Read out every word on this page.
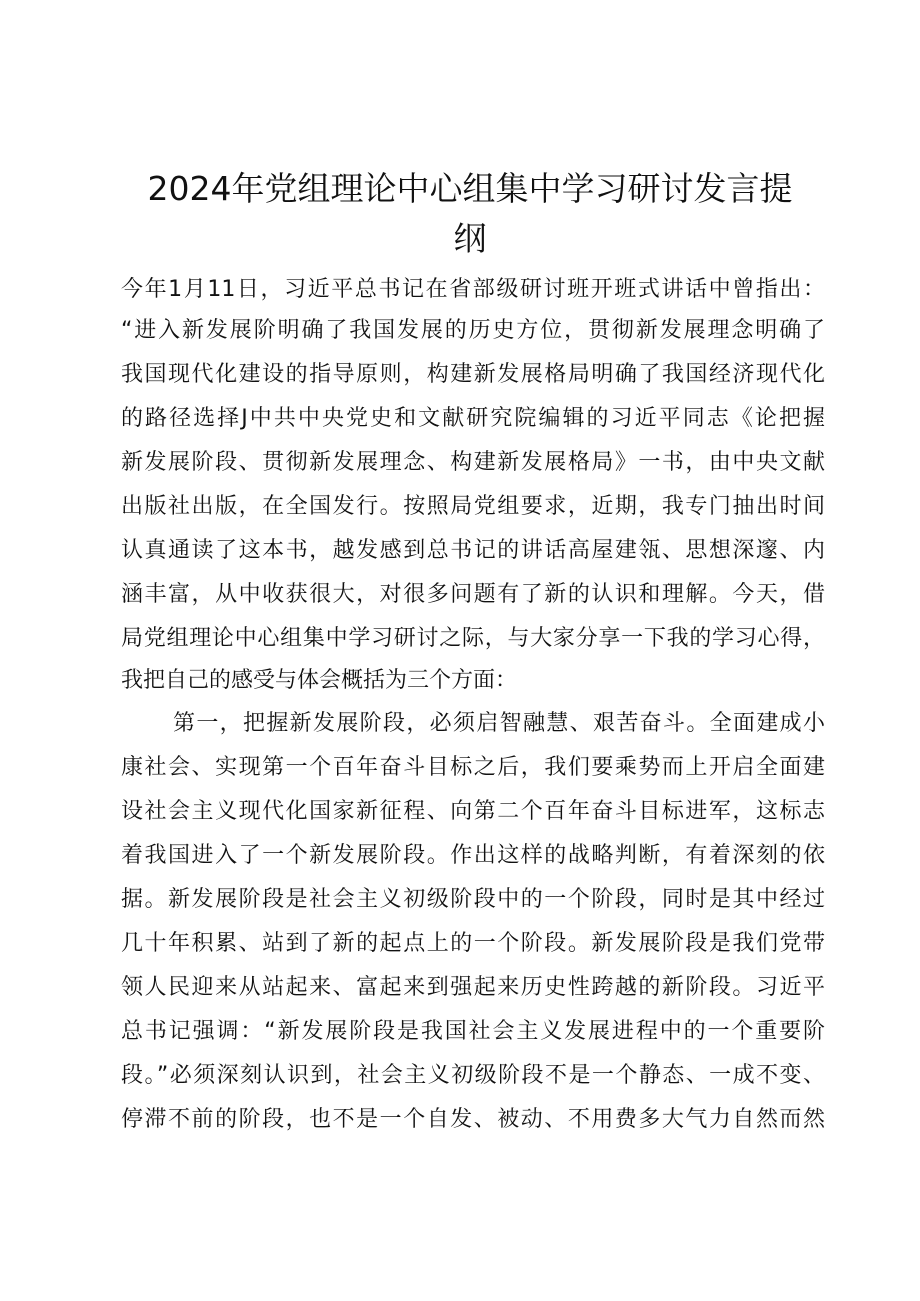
2024年党组理论中心组集中学习研讨发言提
纲
今年1月11日，习近平总书记在省部级研讨班开班式讲话中曾指出：
“进入新发展阶明确了我国发展的历史方位，贯彻新发展理念明确了
我国现代化建设的指导原则，构建新发展格局明确了我国经济现代化
的路径选择J中共中央党史和文献研究院编辑的习近平同志《论把握
新发展阶段、贯彻新发展理念、构建新发展格局》一书，由中央文献
出版社出版，在全国发行。按照局党组要求，近期，我专门抽出时间
认真通读了这本书，越发感到总书记的讲话高屋建瓴、思想深邃、内
涵丰富，从中收获很大，对很多问题有了新的认识和理解。今天，借
局党组理论中心组集中学习研讨之际，与大家分享一下我的学习心得，
我把自己的感受与体会概括为三个方面：
第一，把握新发展阶段，必须启智融慧、艰苦奋斗。全面建成小
康社会、实现第一个百年奋斗目标之后，我们要乘势而上开启全面建
设社会主义现代化国家新征程、向第二个百年奋斗目标进军，这标志
着我国进入了一个新发展阶段。作出这样的战略判断，有着深刻的依
据。新发展阶段是社会主义初级阶段中的一个阶段，同时是其中经过
几十年积累、站到了新的起点上的一个阶段。新发展阶段是我们党带
领人民迎来从站起来、富起来到强起来历史性跨越的新阶段。习近平
总书记强调：“新发展阶段是我国社会主义发展进程中的一个重要阶
段。”必须深刻认识到，社会主义初级阶段不是一个静态、一成不变、
停滞不前的阶段，也不是一个自发、被动、不用费多大气力自然而然
